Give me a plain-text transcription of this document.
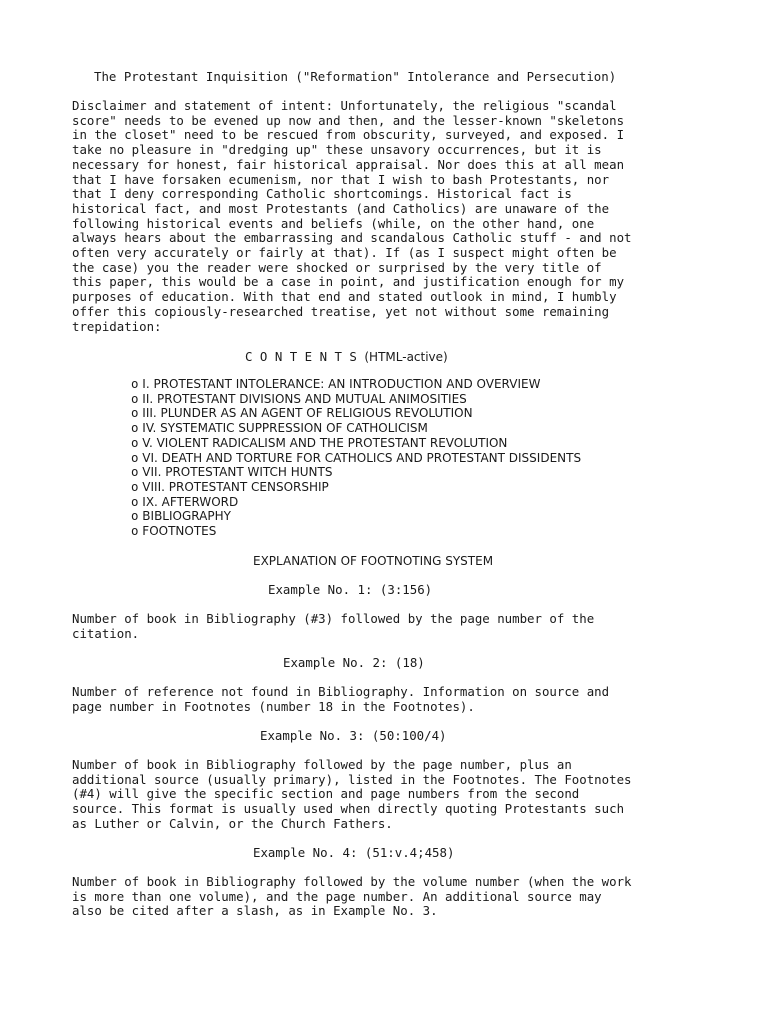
The Protestant Inquisition ("Reformation" Intolerance and Persecution)
Disclaimer and statement of intent: Unfortunately, the religious "scandal
score" needs to be evened up now and then, and the lesser-known "skeletons
in the closet" need to be rescued from obscurity, surveyed, and exposed. I
take no pleasure in "dredging up" these unsavory occurrences, but it is
necessary for honest, fair historical appraisal. Nor does this at all mean
that I have forsaken ecumenism, nor that I wish to bash Protestants, nor
that I deny corresponding Catholic shortcomings. Historical fact is
historical fact, and most Protestants (and Catholics) are unaware of the
following historical events and beliefs (while, on the other hand, one
always hears about the embarrassing and scandalous Catholic stuff - and not
often very accurately or fairly at that). If (as I suspect might often be
the case) you the reader were shocked or surprised by the very title of
this paper, this would be a case in point, and justification enough for my
purposes of education. With that end and stated outlook in mind, I humbly
offer this copiously-researched treatise, yet not without some remaining
trepidation:
C O N T E N T S (HTML-active)
o I. PROTESTANT INTOLERANCE: AN INTRODUCTION AND OVERVIEW
o II. PROTESTANT DIVISIONS AND MUTUAL ANIMOSITIES
o III. PLUNDER AS AN AGENT OF RELIGIOUS REVOLUTION
o IV. SYSTEMATIC SUPPRESSION OF CATHOLICISM
o V. VIOLENT RADICALISM AND THE PROTESTANT REVOLUTION
o VI. DEATH AND TORTURE FOR CATHOLICS AND PROTESTANT DISSIDENTS
o VII. PROTESTANT WITCH HUNTS
o VIII. PROTESTANT CENSORSHIP
o IX. AFTERWORD
o BIBLIOGRAPHY
o FOOTNOTES
EXPLANATION OF FOOTNOTING SYSTEM
Example No. 1: (3:156)
Number of book in Bibliography (#3) followed by the page number of the
citation.
Example No. 2: (18)
Number of reference not found in Bibliography. Information on source and
page number in Footnotes (number 18 in the Footnotes).
Example No. 3: (50:100/4)
Number of book in Bibliography followed by the page number, plus an
additional source (usually primary), listed in the Footnotes. The Footnotes
(#4) will give the specific section and page numbers from the second
source. This format is usually used when directly quoting Protestants such
as Luther or Calvin, or the Church Fathers.
Example No. 4: (51:v.4;458)
Number of book in Bibliography followed by the volume number (when the work
is more than one volume), and the page number. An additional source may
also be cited after a slash, as in Example No. 3.
